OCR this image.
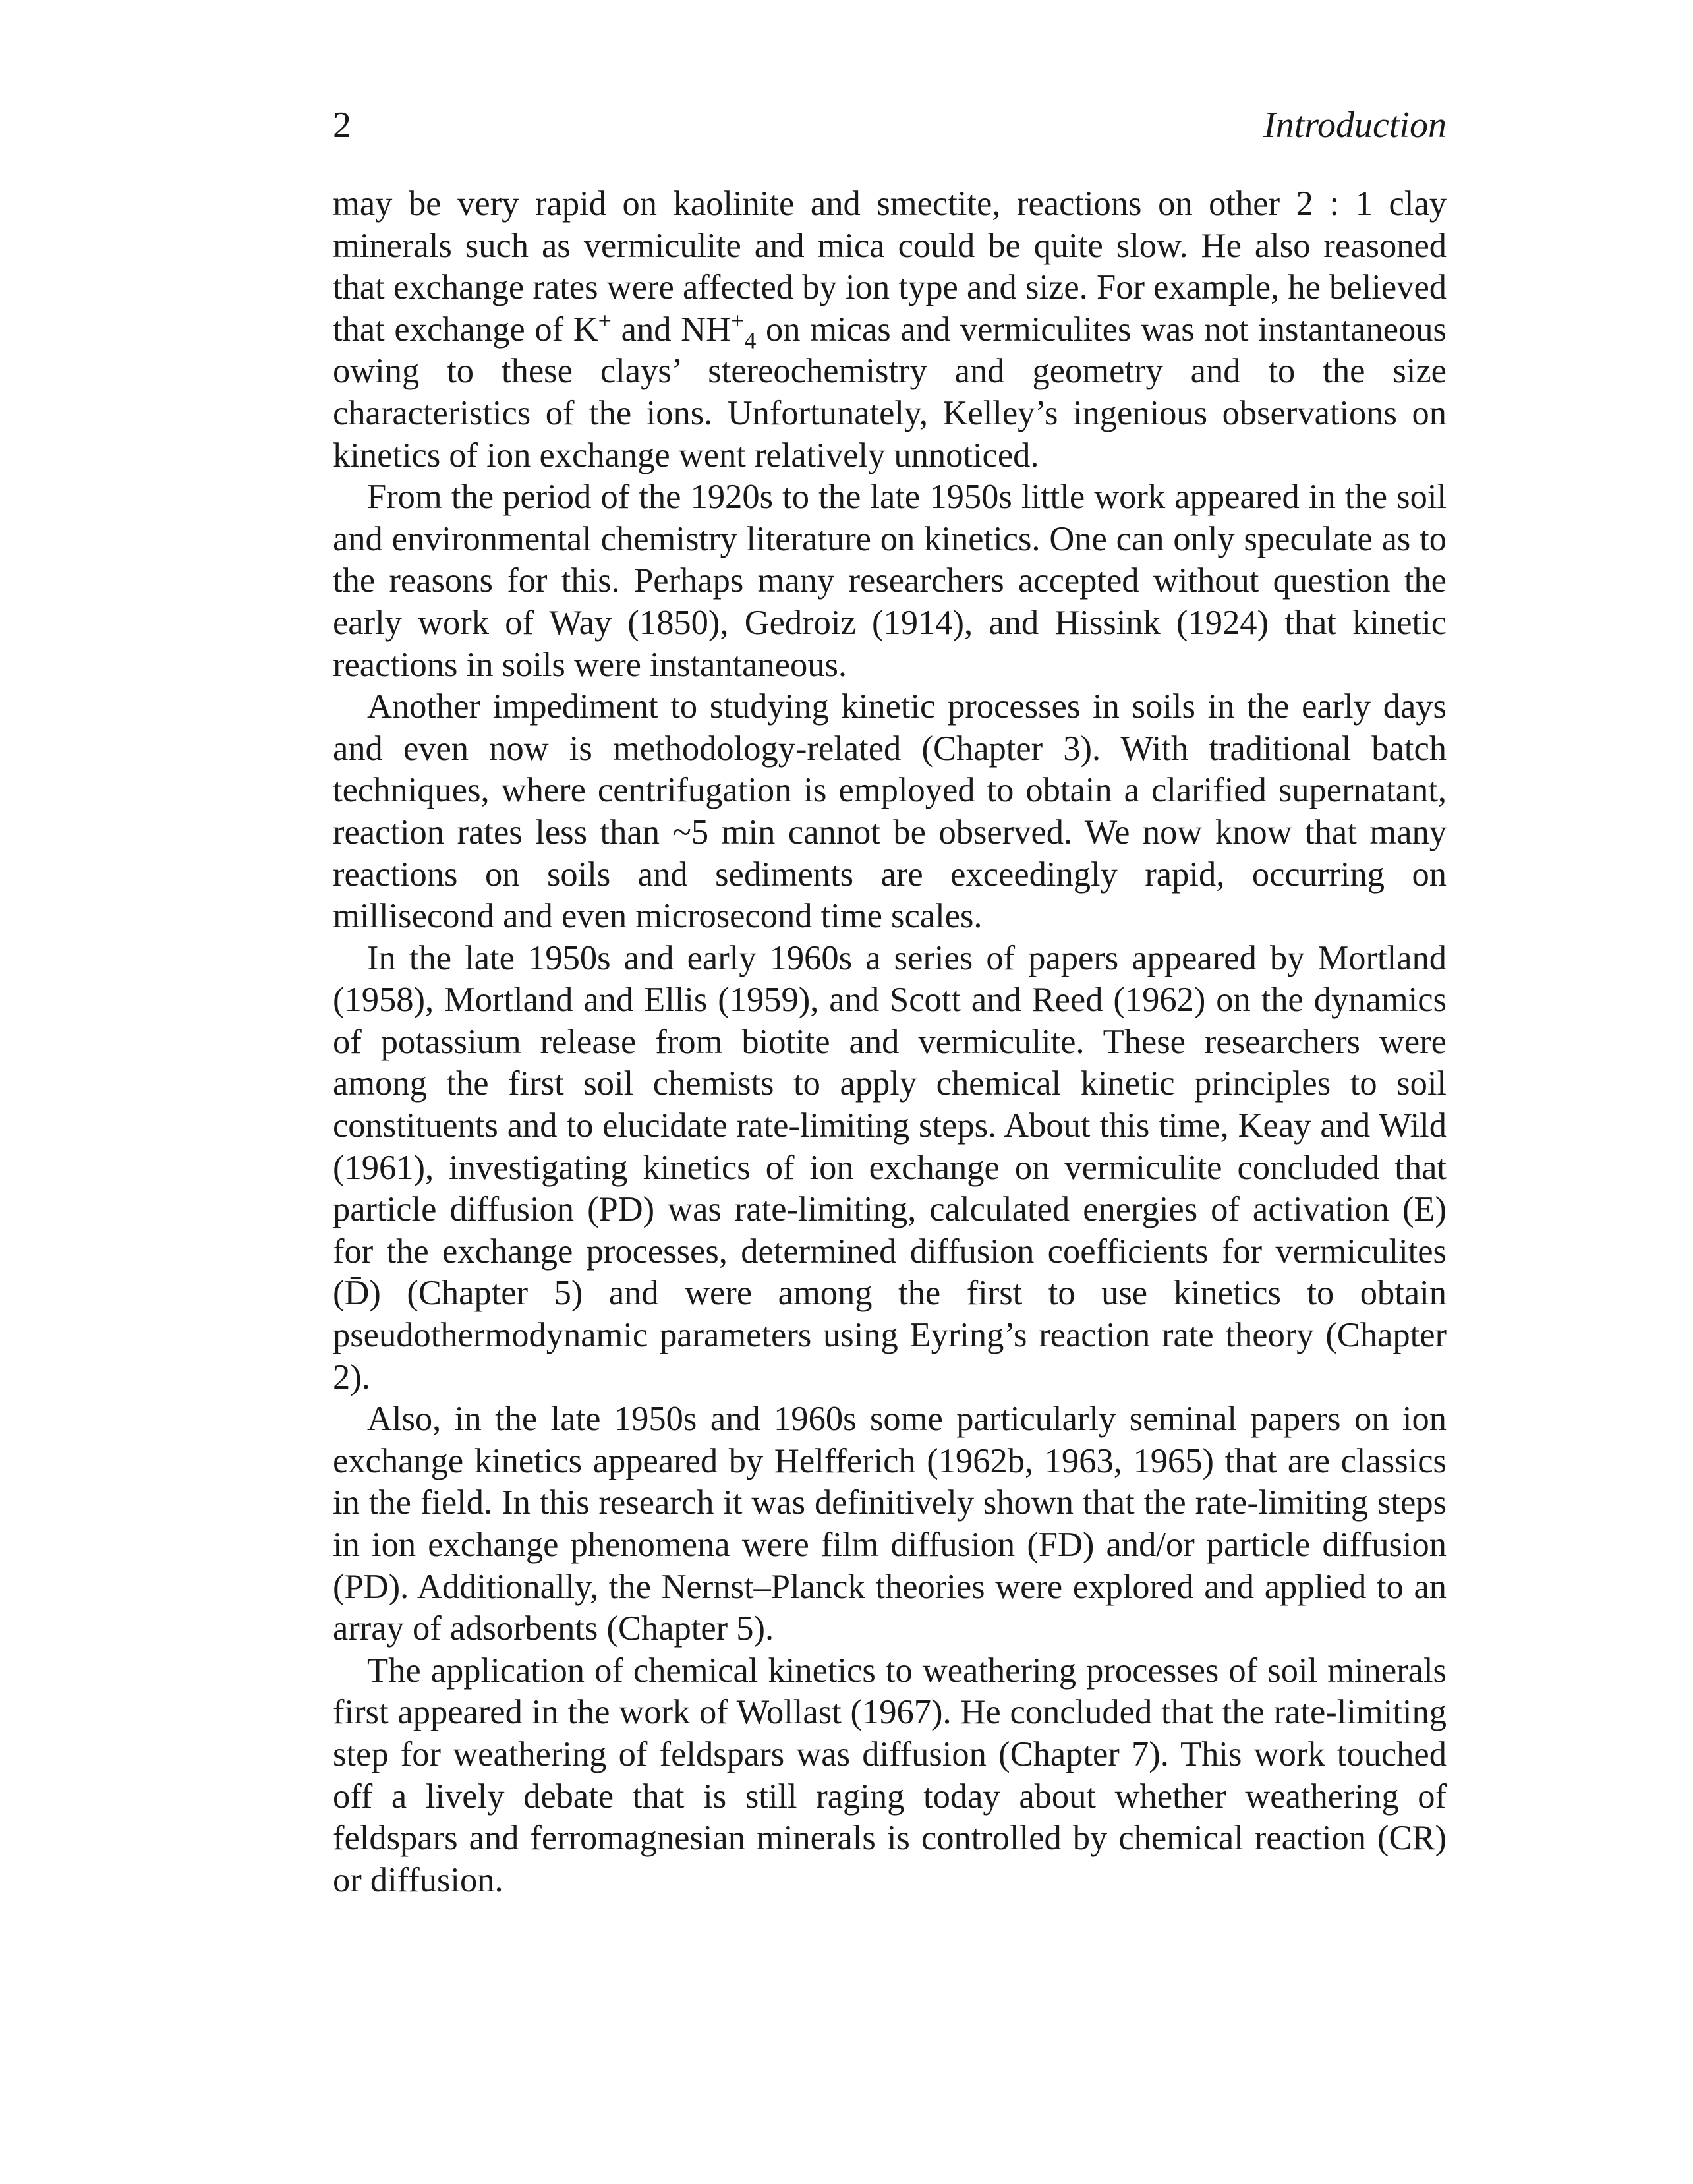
2	Introduction

may be very rapid on kaolinite and smectite, reactions on other 2 : 1 clay minerals such as vermiculite and mica could be quite slow. He also reasoned that exchange rates were affected by ion type and size. For example, he believed that exchange of K+ and $NH^+_4$ on micas and vermiculites was not instantaneous owing to these clays’ stereochemistry and geometry and to the size characteristics of the ions. Unfortunately, Kelley’s ingenious observations on kinetics of ion exchange went relatively unnoticed.

From the period of the 1920s to the late 1950s little work appeared in the soil and environmental chemistry literature on kinetics. One can only speculate as to the reasons for this. Perhaps many researchers accepted without question the early work of Way (1850), Gedroiz (1914), and Hissink (1924) that kinetic reactions in soils were instantaneous.

Another impediment to studying kinetic processes in soils in the early days and even now is methodology-related (Chapter 3). With traditional batch techniques, where centrifugation is employed to obtain a clarified supernatant, reaction rates less than ~5 min cannot be observed. We now know that many reactions on soils and sediments are exceedingly rapid, occurring on millisecond and even microsecond time scales.

In the late 1950s and early 1960s a series of papers appeared by Mortland (1958), Mortland and Ellis (1959), and Scott and Reed (1962) on the dynamics of potassium release from biotite and vermiculite. These researchers were among the first soil chemists to apply chemical kinetic principles to soil constituents and to elucidate rate-limiting steps. About this time, Keay and Wild (1961), investigating kinetics of ion exchange on vermiculite concluded that particle diffusion (PD) was rate-limiting, calculated energies of activation (E) for the exchange processes, determined diffusion coefficients for vermiculites (D̄) (Chapter 5) and were among the first to use kinetics to obtain pseudothermodynamic parameters using Eyring’s reaction rate theory (Chapter 2).

Also, in the late 1950s and 1960s some particularly seminal papers on ion exchange kinetics appeared by Helfferich (1962b, 1963, 1965) that are classics in the field. In this research it was definitively shown that the rate-limiting steps in ion exchange phenomena were film diffusion (FD) and/or particle diffusion (PD). Additionally, the Nernst–Planck theories were explored and applied to an array of adsorbents (Chapter 5).

The application of chemical kinetics to weathering processes of soil minerals first appeared in the work of Wollast (1967). He concluded that the rate-limiting step for weathering of feldspars was diffusion (Chapter 7). This work touched off a lively debate that is still raging today about whether weathering of feldspars and ferromagnesian minerals is controlled by chemical reaction (CR) or diffusion.
